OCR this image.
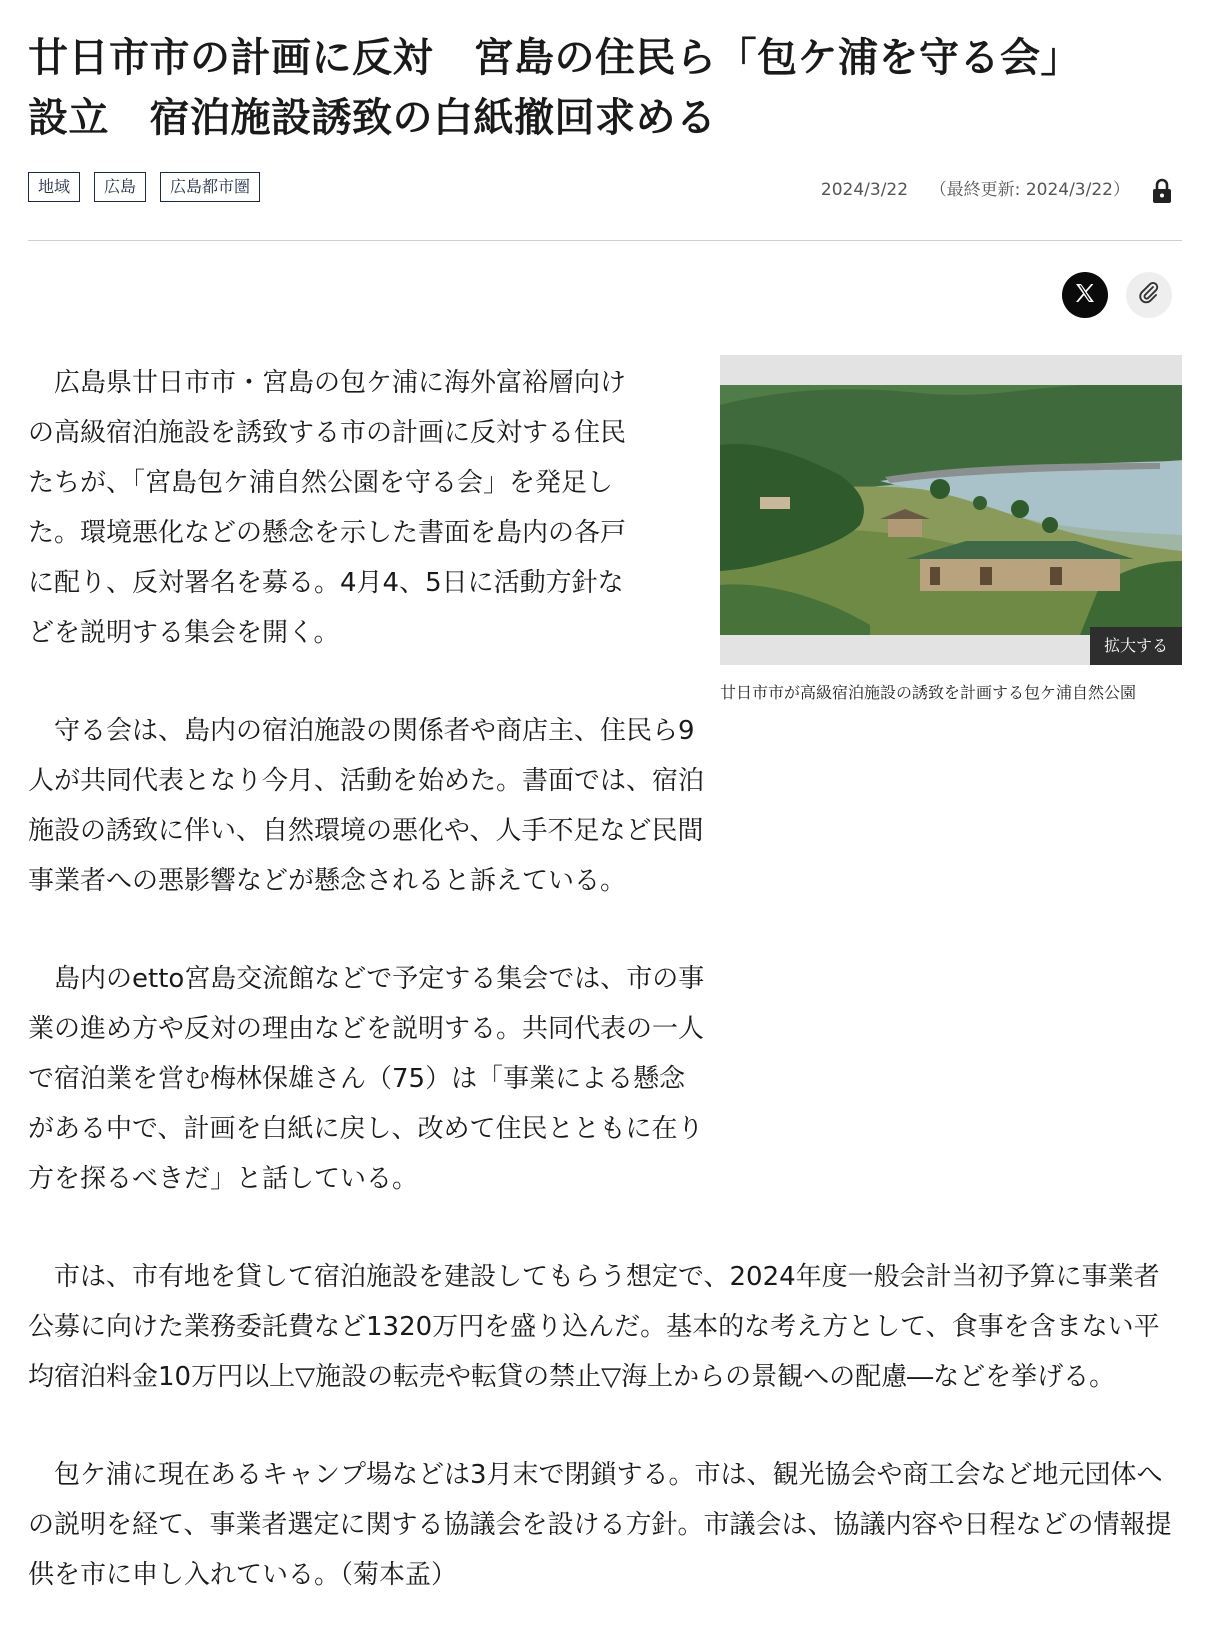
廿日市市の計画に反対　宮島の住民ら「包ケ浦を守る会」
設立　宿泊施設誘致の白紙撤回求める
地域	広島	広島都市圏	2024/3/22 （最終更新: 2024/3/22）
拡大する
廿日市市が高級宿泊施設の誘致を計画する包ケ浦自然公園

広島県廿日市市・宮島の包ケ浦に海外富裕層向けの高級宿泊施設を誘致する市の計画に反対する住民たちが、「宮島包ケ浦自然公園を守る会」を発足した。環境悪化などの懸念を示した書面を島内の各戸に配り、反対署名を募る。4月4、5日に活動方針などを説明する集会を開く。

守る会は、島内の宿泊施設の関係者や商店主、住民ら9人が共同代表となり今月、活動を始めた。書面では、宿泊施設の誘致に伴い、自然環境の悪化や、人手不足など民間事業者への悪影響などが懸念されると訴えている。

島内のetto宮島交流館などで予定する集会では、市の事業の進め方や反対の理由などを説明する。共同代表の一人で宿泊業を営む梅林保雄さん（75）は「事業による懸念がある中で、計画を白紙に戻し、改めて住民とともに在り方を探るべきだ」と話している。

市は、市有地を貸して宿泊施設を建設してもらう想定で、2024年度一般会計当初予算に事業者公募に向けた業務委託費など1320万円を盛り込んだ。基本的な考え方として、食事を含まない平均宿泊料金10万円以上▽施設の転売や転貸の禁止▽海上からの景観への配慮―などを挙げる。

包ケ浦に現在あるキャンプ場などは3月末で閉鎖する。市は、観光協会や商工会など地元団体への説明を経て、事業者選定に関する協議会を設ける方針。市議会は、協議内容や日程などの情報提供を市に申し入れている。（菊本孟）
